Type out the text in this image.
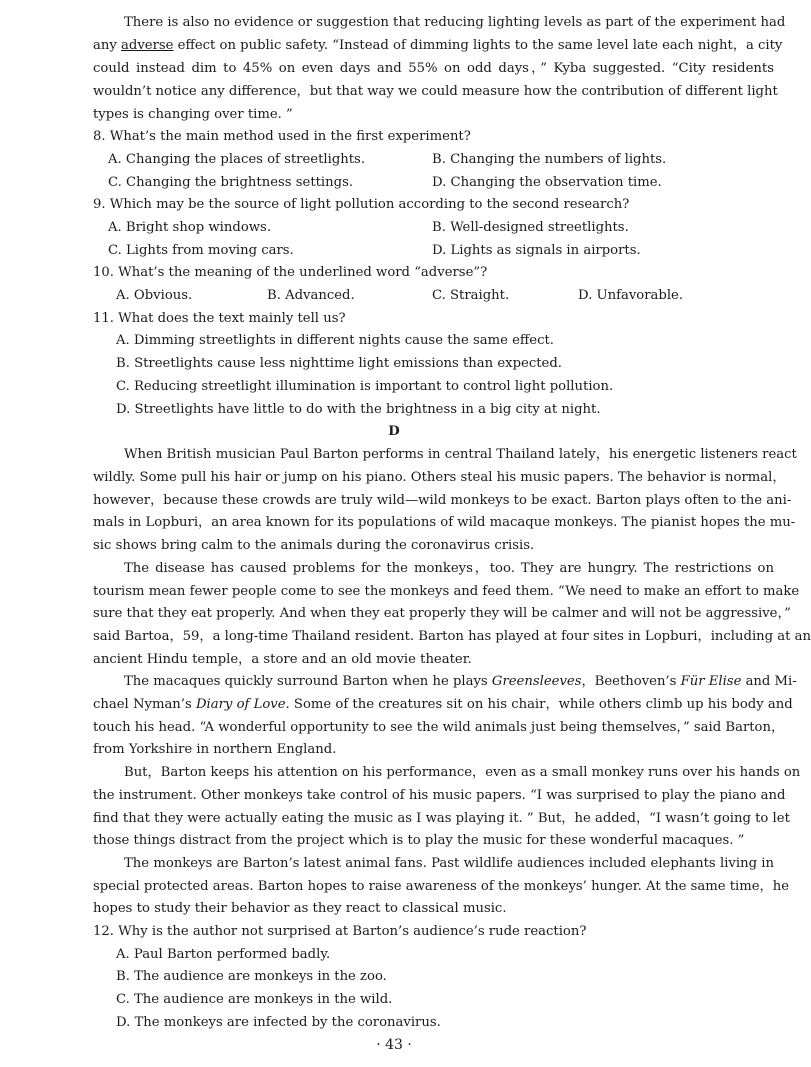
There is also no evidence or suggestion that reducing lighting levels as part of the experiment had
any adverse effect on public safety. “Instead of dimming lights to the same level late each night，a city
could instead dim to 45% on even days and 55% on odd days，” Kyba suggested. “City residents
wouldn’t notice any difference，but that way we could measure how the contribution of different light
types is changing over time. ”
8. What’s the main method used in the first experiment?
A. Changing the places of streetlights.	B. Changing the numbers of lights.
C. Changing the brightness settings.	D. Changing the observation time.
9. Which may be the source of light pollution according to the second research?
A. Bright shop windows.	B. Well-designed streetlights.
C. Lights from moving cars.	D. Lights as signals in airports.
10. What’s the meaning of the underlined word “adverse”?
A. Obvious.	B. Advanced.	C. Straight.	D. Unfavorable.
11. What does the text mainly tell us?
A. Dimming streetlights in different nights cause the same effect.
B. Streetlights cause less nighttime light emissions than expected.
C. Reducing streetlight illumination is important to control light pollution.
D. Streetlights have little to do with the brightness in a big city at night.
D
When British musician Paul Barton performs in central Thailand lately，his energetic listeners react
wildly. Some pull his hair or jump on his piano. Others steal his music papers. The behavior is normal，
however，because these crowds are truly wild—wild monkeys to be exact. Barton plays often to the ani-
mals in Lopburi，an area known for its populations of wild macaque monkeys. The pianist hopes the mu-
sic shows bring calm to the animals during the coronavirus crisis.
The disease has caused problems for the monkeys，too. They are hungry. The restrictions on
tourism mean fewer people come to see the monkeys and feed them. “We need to make an effort to make
sure that they eat properly. And when they eat properly they will be calmer and will not be aggressive，”
said Bartoa，59，a long-time Thailand resident. Barton has played at four sites in Lopburi，including at an
ancient Hindu temple，a store and an old movie theater.
The macaques quickly surround Barton when he plays Greensleeves，Beethoven’s Für Elise and Mi-
chael Nyman’s Diary of Love. Some of the creatures sit on his chair，while others climb up his body and
touch his head. “A wonderful opportunity to see the wild animals just being themselves，” said Barton，
from Yorkshire in northern England.
But，Barton keeps his attention on his performance，even as a small monkey runs over his hands on
the instrument. Other monkeys take control of his music papers. “I was surprised to play the piano and
find that they were actually eating the music as I was playing it. ” But，he added，“I wasn’t going to let
those things distract from the project which is to play the music for these wonderful macaques. ”
The monkeys are Barton’s latest animal fans. Past wildlife audiences included elephants living in
special protected areas. Barton hopes to raise awareness of the monkeys’ hunger. At the same time，he
hopes to study their behavior as they react to classical music.
12. Why is the author not surprised at Barton’s audience’s rude reaction?
A. Paul Barton performed badly.
B. The audience are monkeys in the zoo.
C. The audience are monkeys in the wild.
D. The monkeys are infected by the coronavirus.
· 43 ·
